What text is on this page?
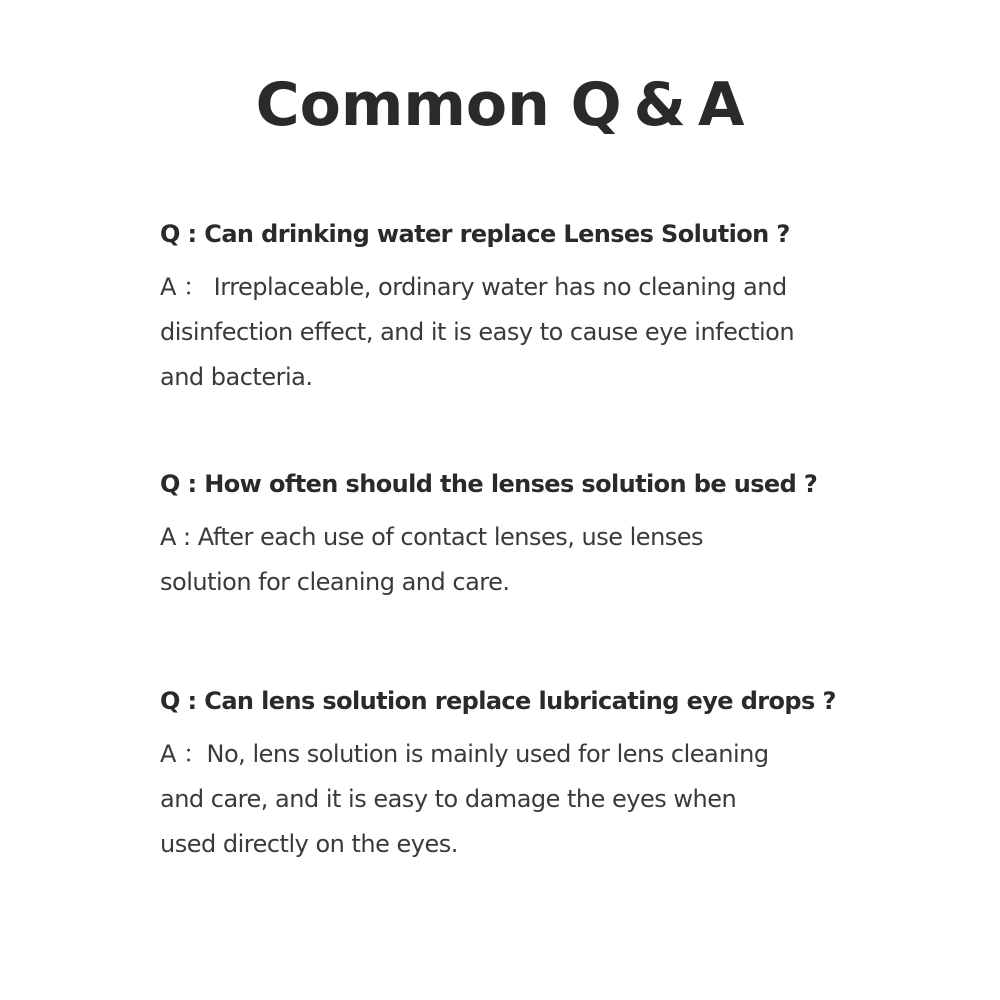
Common Q & A

Q : Can drinking water replace Lenses Solution ?

A ： Irreplaceable, ordinary water has no cleaning and
disinfection effect, and it is easy to cause eye infection
and bacteria.

Q : How often should the lenses solution be used ?

A : After each use of contact lenses, use lenses
solution for cleaning and care.

Q : Can lens solution replace lubricating eye drops ?

A ：No, lens solution is mainly used for lens cleaning
and care, and it is easy to damage the eyes when
used directly on the eyes.
